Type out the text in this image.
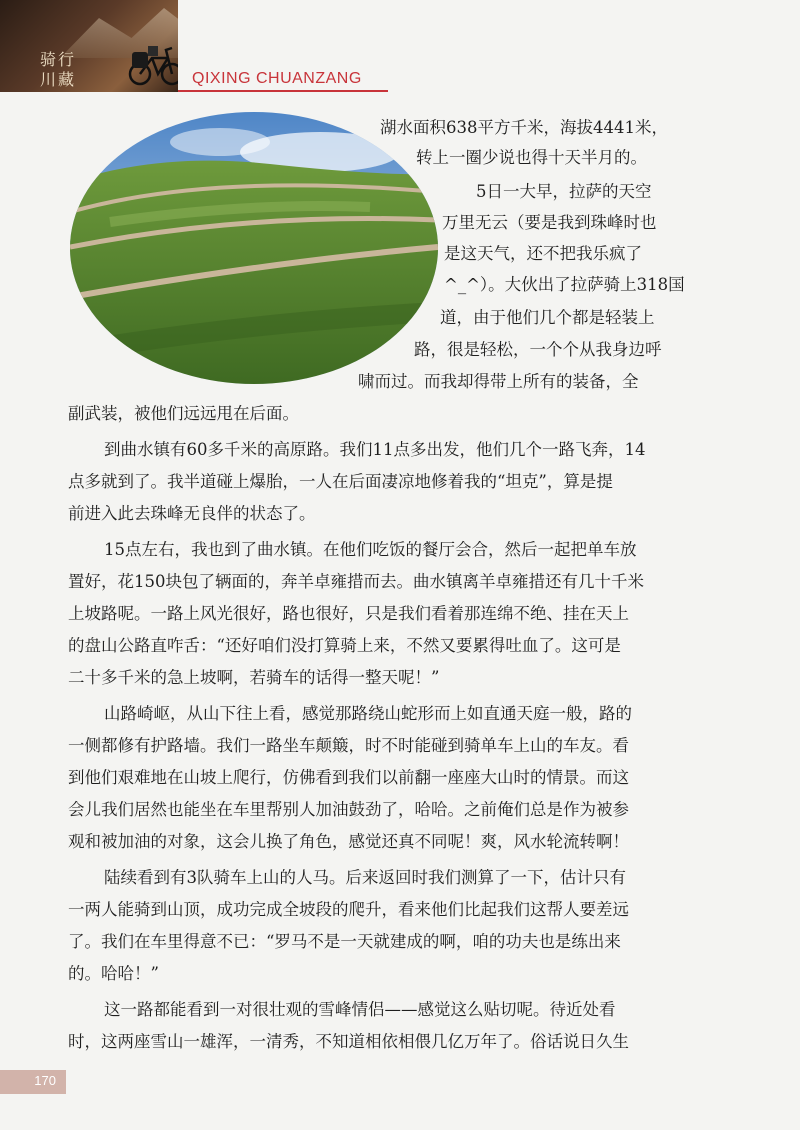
骑行
川藏	QIXING CHUANZANG
湖水面积638平方千米，海拔4441米，
转上一圈少说也得十天半月的。
5日一大早，拉萨的天空
万里无云（要是我到珠峰时也
是这天气，还不把我乐疯了
^_^）。大伙出了拉萨骑上318国
道，由于他们几个都是轻装上
路，很是轻松，一个个从我身边呼
啸而过。而我却得带上所有的装备，全
副武装，被他们远远甩在后面。
到曲水镇有60多千米的高原路。我们11点多出发，他们几个一路飞奔，14
点多就到了。我半道碰上爆胎，一人在后面凄凉地修着我的“坦克”，算是提
前进入此去珠峰无良伴的状态了。
15点左右，我也到了曲水镇。在他们吃饭的餐厅会合，然后一起把单车放
置好，花150块包了辆面的，奔羊卓雍措而去。曲水镇离羊卓雍措还有几十千米
上坡路呢。一路上风光很好，路也很好，只是我们看着那连绵不绝、挂在天上
的盘山公路直咋舌：“还好咱们没打算骑上来，不然又要累得吐血了。这可是
二十多千米的急上坡啊，若骑车的话得一整天呢！”
山路崎岖，从山下往上看，感觉那路绕山蛇形而上如直通天庭一般，路的
一侧都修有护路墙。我们一路坐车颠簸，时不时能碰到骑单车上山的车友。看
到他们艰难地在山坡上爬行，仿佛看到我们以前翻一座座大山时的情景。而这
会儿我们居然也能坐在车里帮别人加油鼓劲了，哈哈。之前俺们总是作为被参
观和被加油的对象，这会儿换了角色，感觉还真不同呢！爽，风水轮流转啊！
陆续看到有3队骑车上山的人马。后来返回时我们测算了一下，估计只有
一两人能骑到山顶，成功完成全坡段的爬升，看来他们比起我们这帮人要差远
了。我们在车里得意不已：“罗马不是一天就建成的啊，咱的功夫也是练出来
的。哈哈！”
这一路都能看到一对很壮观的雪峰情侣——感觉这么贴切呢。待近处看
时，这两座雪山一雄浑，一清秀，不知道相依相偎几亿万年了。俗话说日久生
170
